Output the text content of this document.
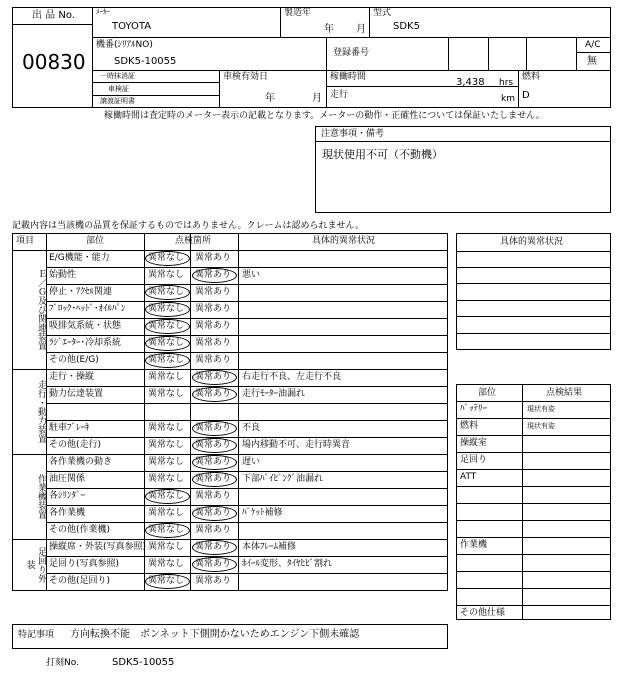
出 品 No.
00830
ﾒｰｶｰ
TOYOTA
製造年
年 月
型式
SDK5
機番(ｼﾘｱﾙNO)
SDK5-10055
登録番号
A/C
無
一時抹消証
車検証
譲渡証明書
車検有効日
年	月
稼働時間	3,438 hrs
走行	km
燃料
D
稼働時間は査定時のメーター表示の記載となります。メーターの動作・正確性については保証いたしません。
注意事項・備考
現状使用不可（不動機）
記載内容は当該機の品質を保証するものではありません。クレームは認められません。
項目	部位	点検箇所	具体的異常状況
Ｅ／Ｇ及び関連装置
E/G機能・能力	異常なし 異常あり
始動性	異常なし 異常あり 悪い
停止・ｱｸｾﾙ関連	異常なし 異常あり
ﾌﾞﾛｯｸ･ﾍｯﾄﾞ･ｵｲﾙﾊﾟﾝ 異常なし 異常あり
吸排気系統・状態	異常なし 異常あり
ﾗｼﾞｴｰﾀｰ･冷却系統	異常なし 異常あり
その他(E/G)	異常なし 異常あり
走行・動力装置
走行・操縦	異常なし 異常あり 右走行不良、左走行不良
動力伝達装置	異常なし 異常あり 走行ﾓｰﾀｰ油漏れ
駐車ﾌﾞﾚｰｷ	異常なし 異常あり 不良
その他(走行)	異常なし 異常あり 場内移動不可、走行時異音
作業機装置
各作業機の動き	異常なし 異常あり 遅い
油圧関係	異常なし 異常あり 下部ﾊﾞｲﾋﾟﾝｸﾞ油漏れ
各ｼﾘﾝﾀﾞｰ	異常なし 異常あり
各作業機	異常なし 異常あり ﾊﾞｹｯﾄ補修
その他(作業機)	異常なし 異常あり
足回り外装
操縦席・外装(写真参照) 異常なし 異常あり 本体ﾌﾚｰﾑ補修
足回り(写真参照)	異常なし 異常あり ﾎｲｰﾙ変形、ﾀｲﾔﾋﾋﾞ割れ
その他(足回り)	異常なし 異常あり
具体的異常状況
部位	点検結果
ﾊﾞｯﾃﾘｰ	現状有姿
燃料	現状有姿
操縦室
足回り
ATT
作業機
その他仕様
特記事項 方向転換不能　ボンネット下側開かないためエンジン下側未確認
打刻No.	SDK5-10055
